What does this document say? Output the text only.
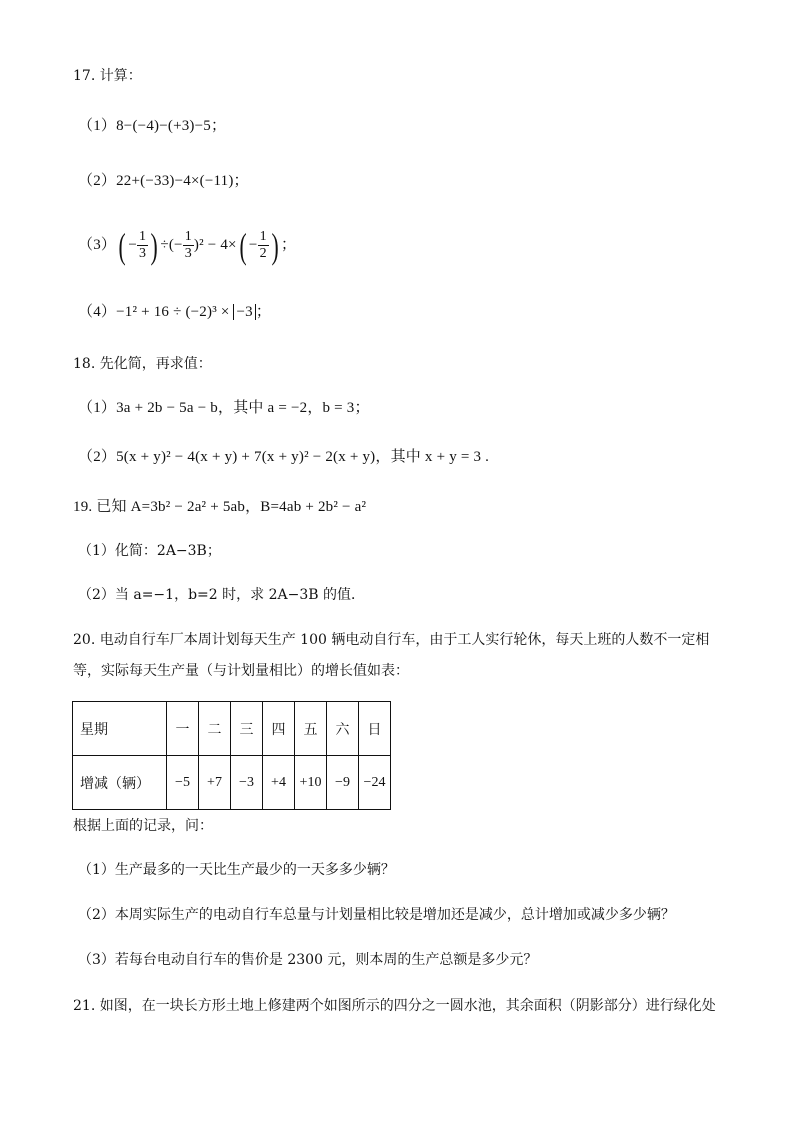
17. 计算：
（1）8−(−4)−(+3)−5；
（2）22+(−33)−4×(−11)；
$(3)( - \frac{1}{3}$ ) ÷(− $\frac{1}{3} )^2 - 4\times( - \frac{1}{2}$ ) ；
（4）−1² + 16 ÷ (−2)³ × −3 ；
18. 先化简，再求值：
（1）3a + 2b − 5a − b，其中 a = −2，b = 3；
（2）5(x + y)² − 4(x + y) + 7(x + y)² − 2(x + y)，其中 x + y = 3 .
19. 已知 A=3b² − 2a² + 5ab，B=4ab + 2b² − a²
（1）化简：2A−3B；
（2）当 a=−1，b=2 时，求 2A−3B 的值．
20. 电动自行车厂本周计划每天生产 100 辆电动自行车，由于工人实行轮休，每天上班的人数不一定相
等，实际每天生产量（与计划量相比）的增长值如表：
星期	一	二	三	四	五	六	日
增减（辆）	−5	+7	−3	+4	+10	−9	−24
根据上面的记录，问：
（1）生产最多的一天比生产最少的一天多多少辆？
（2）本周实际生产的电动自行车总量与计划量相比较是增加还是减少，总计增加或减少多少辆？
（3）若每台电动自行车的售价是 2300 元，则本周的生产总额是多少元？
21. 如图，在一块长方形土地上修建两个如图所示的四分之一圆水池，其余面积（阴影部分）进行绿化处
